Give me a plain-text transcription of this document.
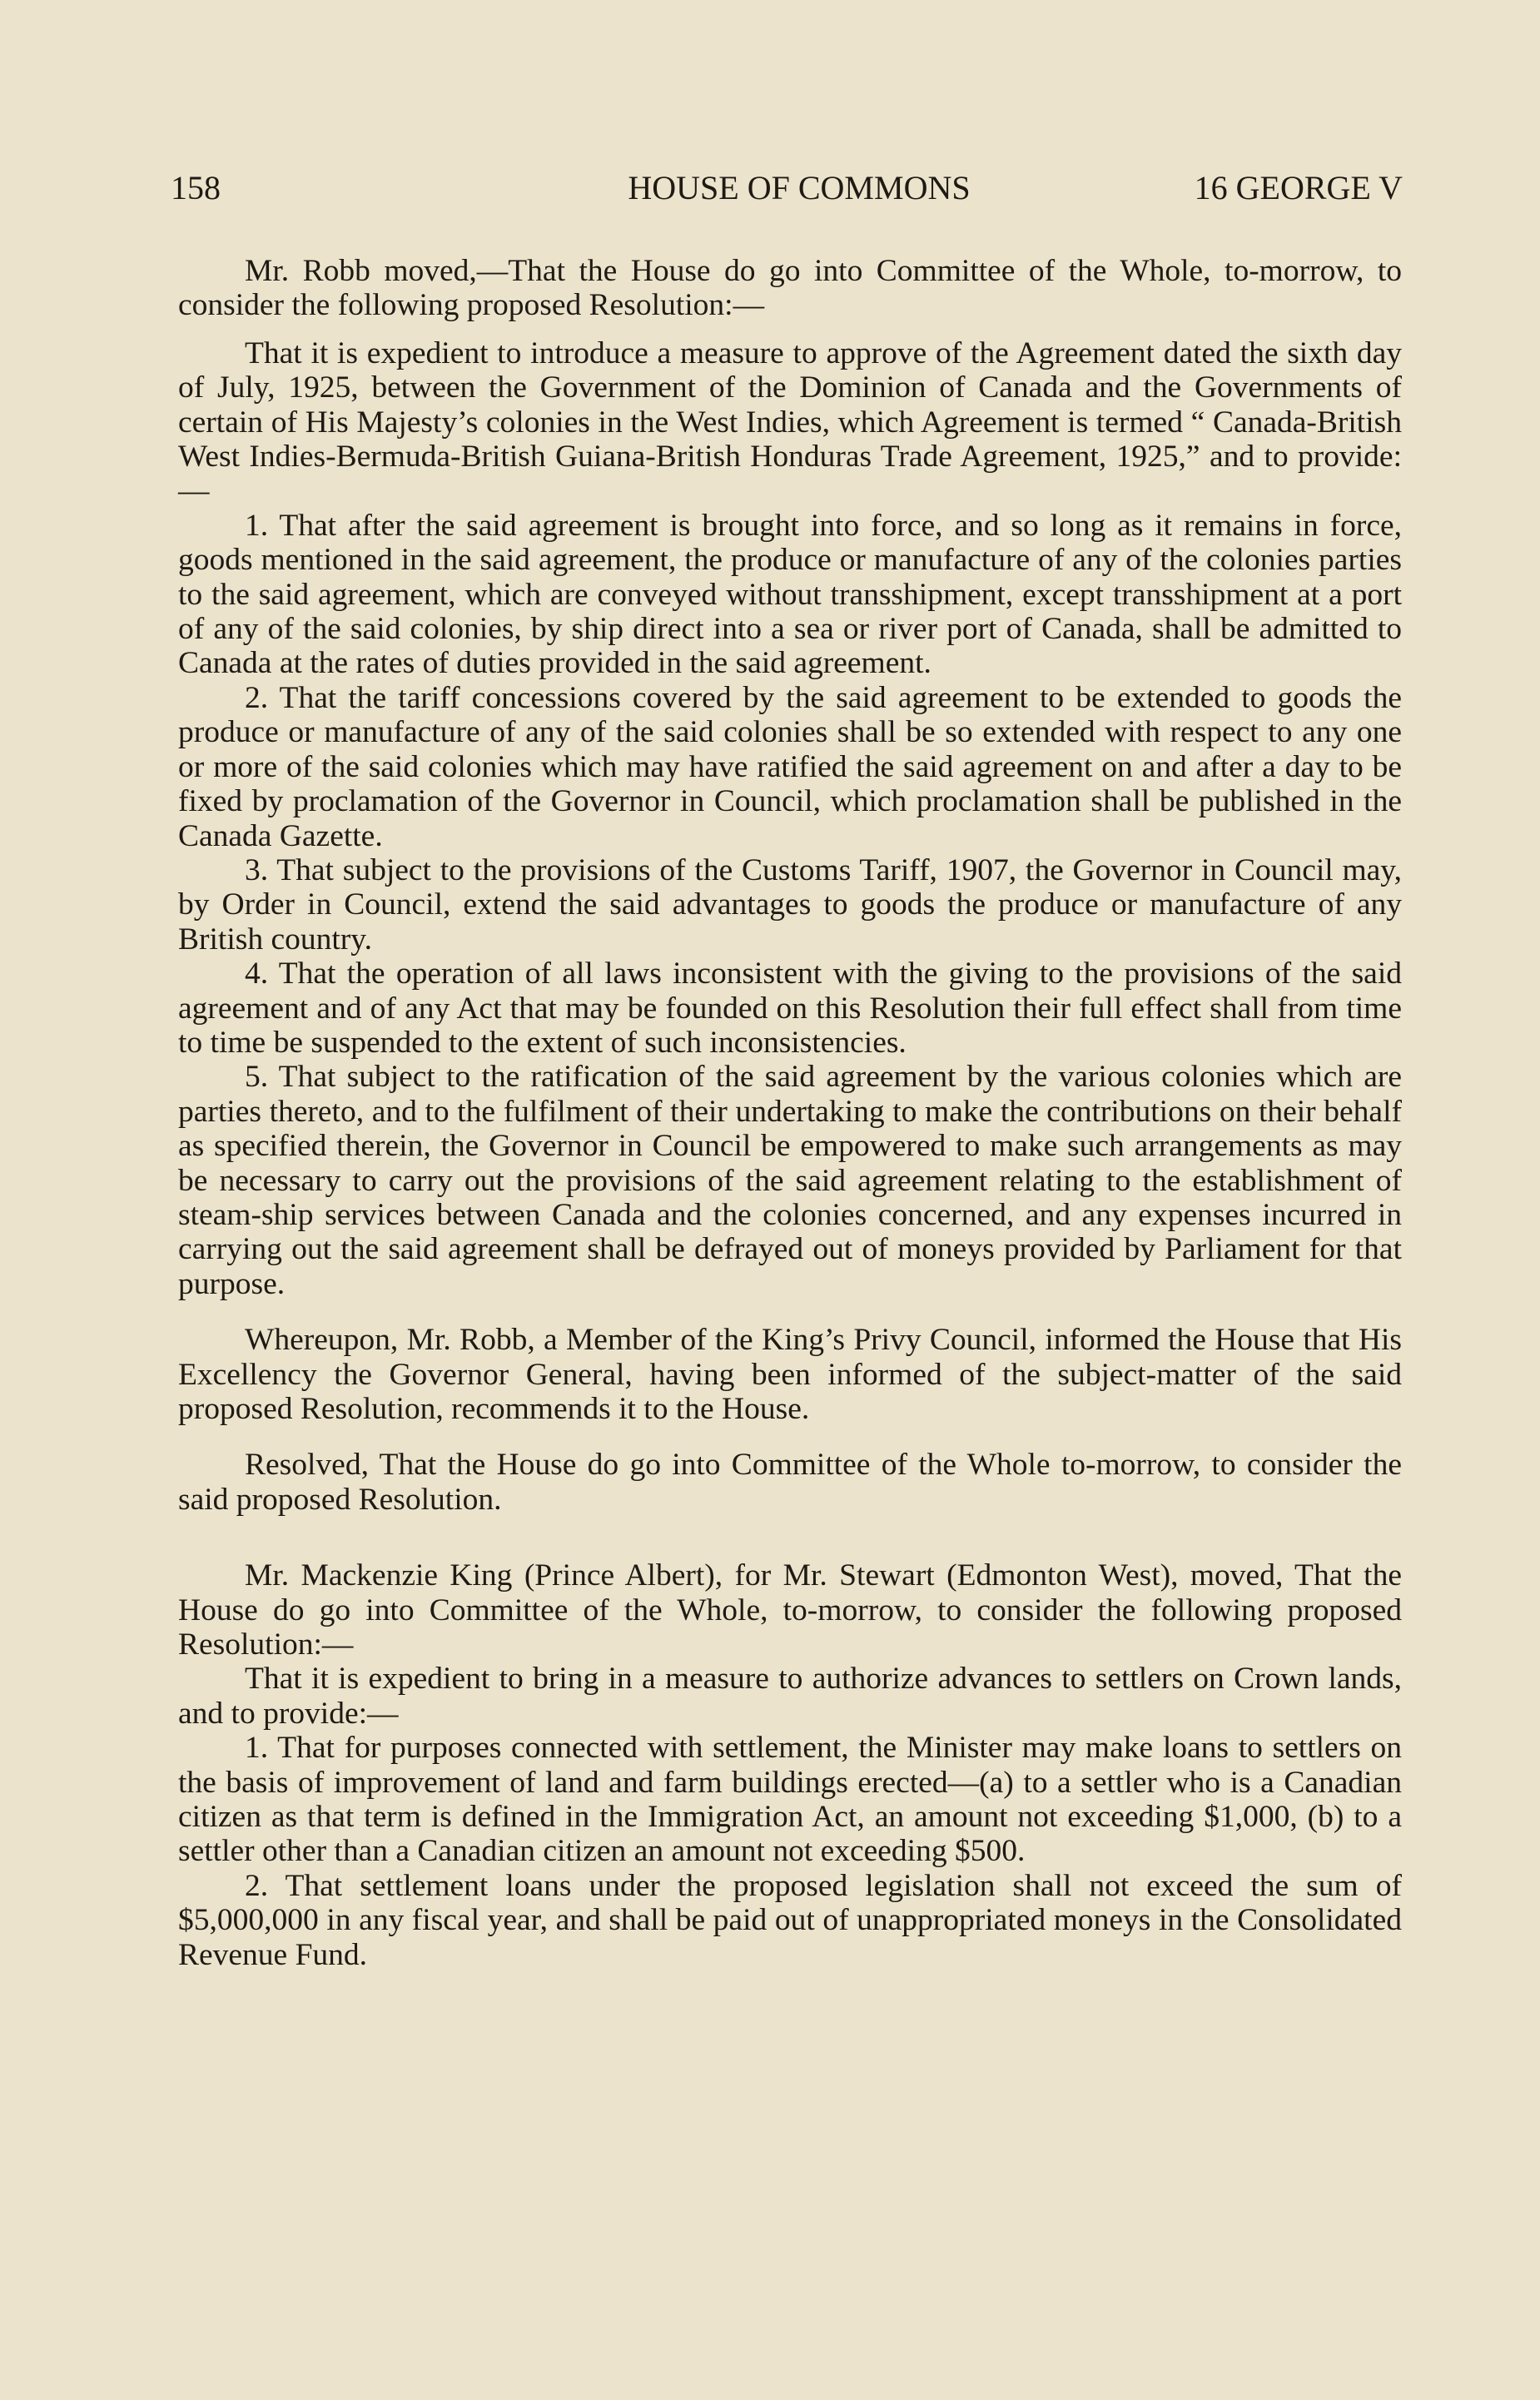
158	HOUSE OF COMMONS	16 GEORGE V

Mr. Robb moved,—That the House do go into Committee of the Whole, to-morrow, to consider the following proposed Resolution:—

That it is expedient to introduce a measure to approve of the Agreement dated the sixth day of July, 1925, between the Government of the Dominion of Canada and the Governments of certain of His Majesty’s colonies in the West Indies, which Agreement is termed “ Canada-British West Indies-Bermuda-British Guiana-British Honduras Trade Agreement, 1925,” and to provide:—

1. That after the said agreement is brought into force, and so long as it remains in force, goods mentioned in the said agreement, the produce or manufacture of any of the colonies parties to the said agreement, which are conveyed without transshipment, except transshipment at a port of any of the said colonies, by ship direct into a sea or river port of Canada, shall be admitted to Canada at the rates of duties provided in the said agreement.

2. That the tariff concessions covered by the said agreement to be extended to goods the produce or manufacture of any of the said colonies shall be so extended with respect to any one or more of the said colonies which may have ratified the said agreement on and after a day to be fixed by proclamation of the Governor in Council, which proclamation shall be published in the Canada Gazette.

3. That subject to the provisions of the Customs Tariff, 1907, the Governor in Council may, by Order in Council, extend the said advantages to goods the produce or manufacture of any British country.

4. That the operation of all laws inconsistent with the giving to the provisions of the said agreement and of any Act that may be founded on this Resolution their full effect shall from time to time be suspended to the extent of such inconsistencies.

5. That subject to the ratification of the said agreement by the various colonies which are parties thereto, and to the fulfilment of their undertaking to make the contributions on their behalf as specified therein, the Governor in Council be empowered to make such arrangements as may be necessary to carry out the provisions of the said agreement relating to the establishment of steam-ship services between Canada and the colonies concerned, and any expenses incurred in carrying out the said agreement shall be defrayed out of moneys provided by Parliament for that purpose.

Whereupon, Mr. Robb, a Member of the King’s Privy Council, informed the House that His Excellency the Governor General, having been informed of the subject-matter of the said proposed Resolution, recommends it to the House.

Resolved, That the House do go into Committee of the Whole to-morrow, to consider the said proposed Resolution.

Mr. Mackenzie King (Prince Albert), for Mr. Stewart (Edmonton West), moved, That the House do go into Committee of the Whole, to-morrow, to consider the following proposed Resolution:—

That it is expedient to bring in a measure to authorize advances to settlers on Crown lands, and to provide:—

1. That for purposes connected with settlement, the Minister may make loans to settlers on the basis of improvement of land and farm buildings erected—(a) to a settler who is a Canadian citizen as that term is defined in the Immigration Act, an amount not exceeding $1,000, (b) to a settler other than a Canadian citizen an amount not exceeding $500.

2. That settlement loans under the proposed legislation shall not exceed the sum of $5,000,000 in any fiscal year, and shall be paid out of unappropriated moneys in the Consolidated Revenue Fund.
